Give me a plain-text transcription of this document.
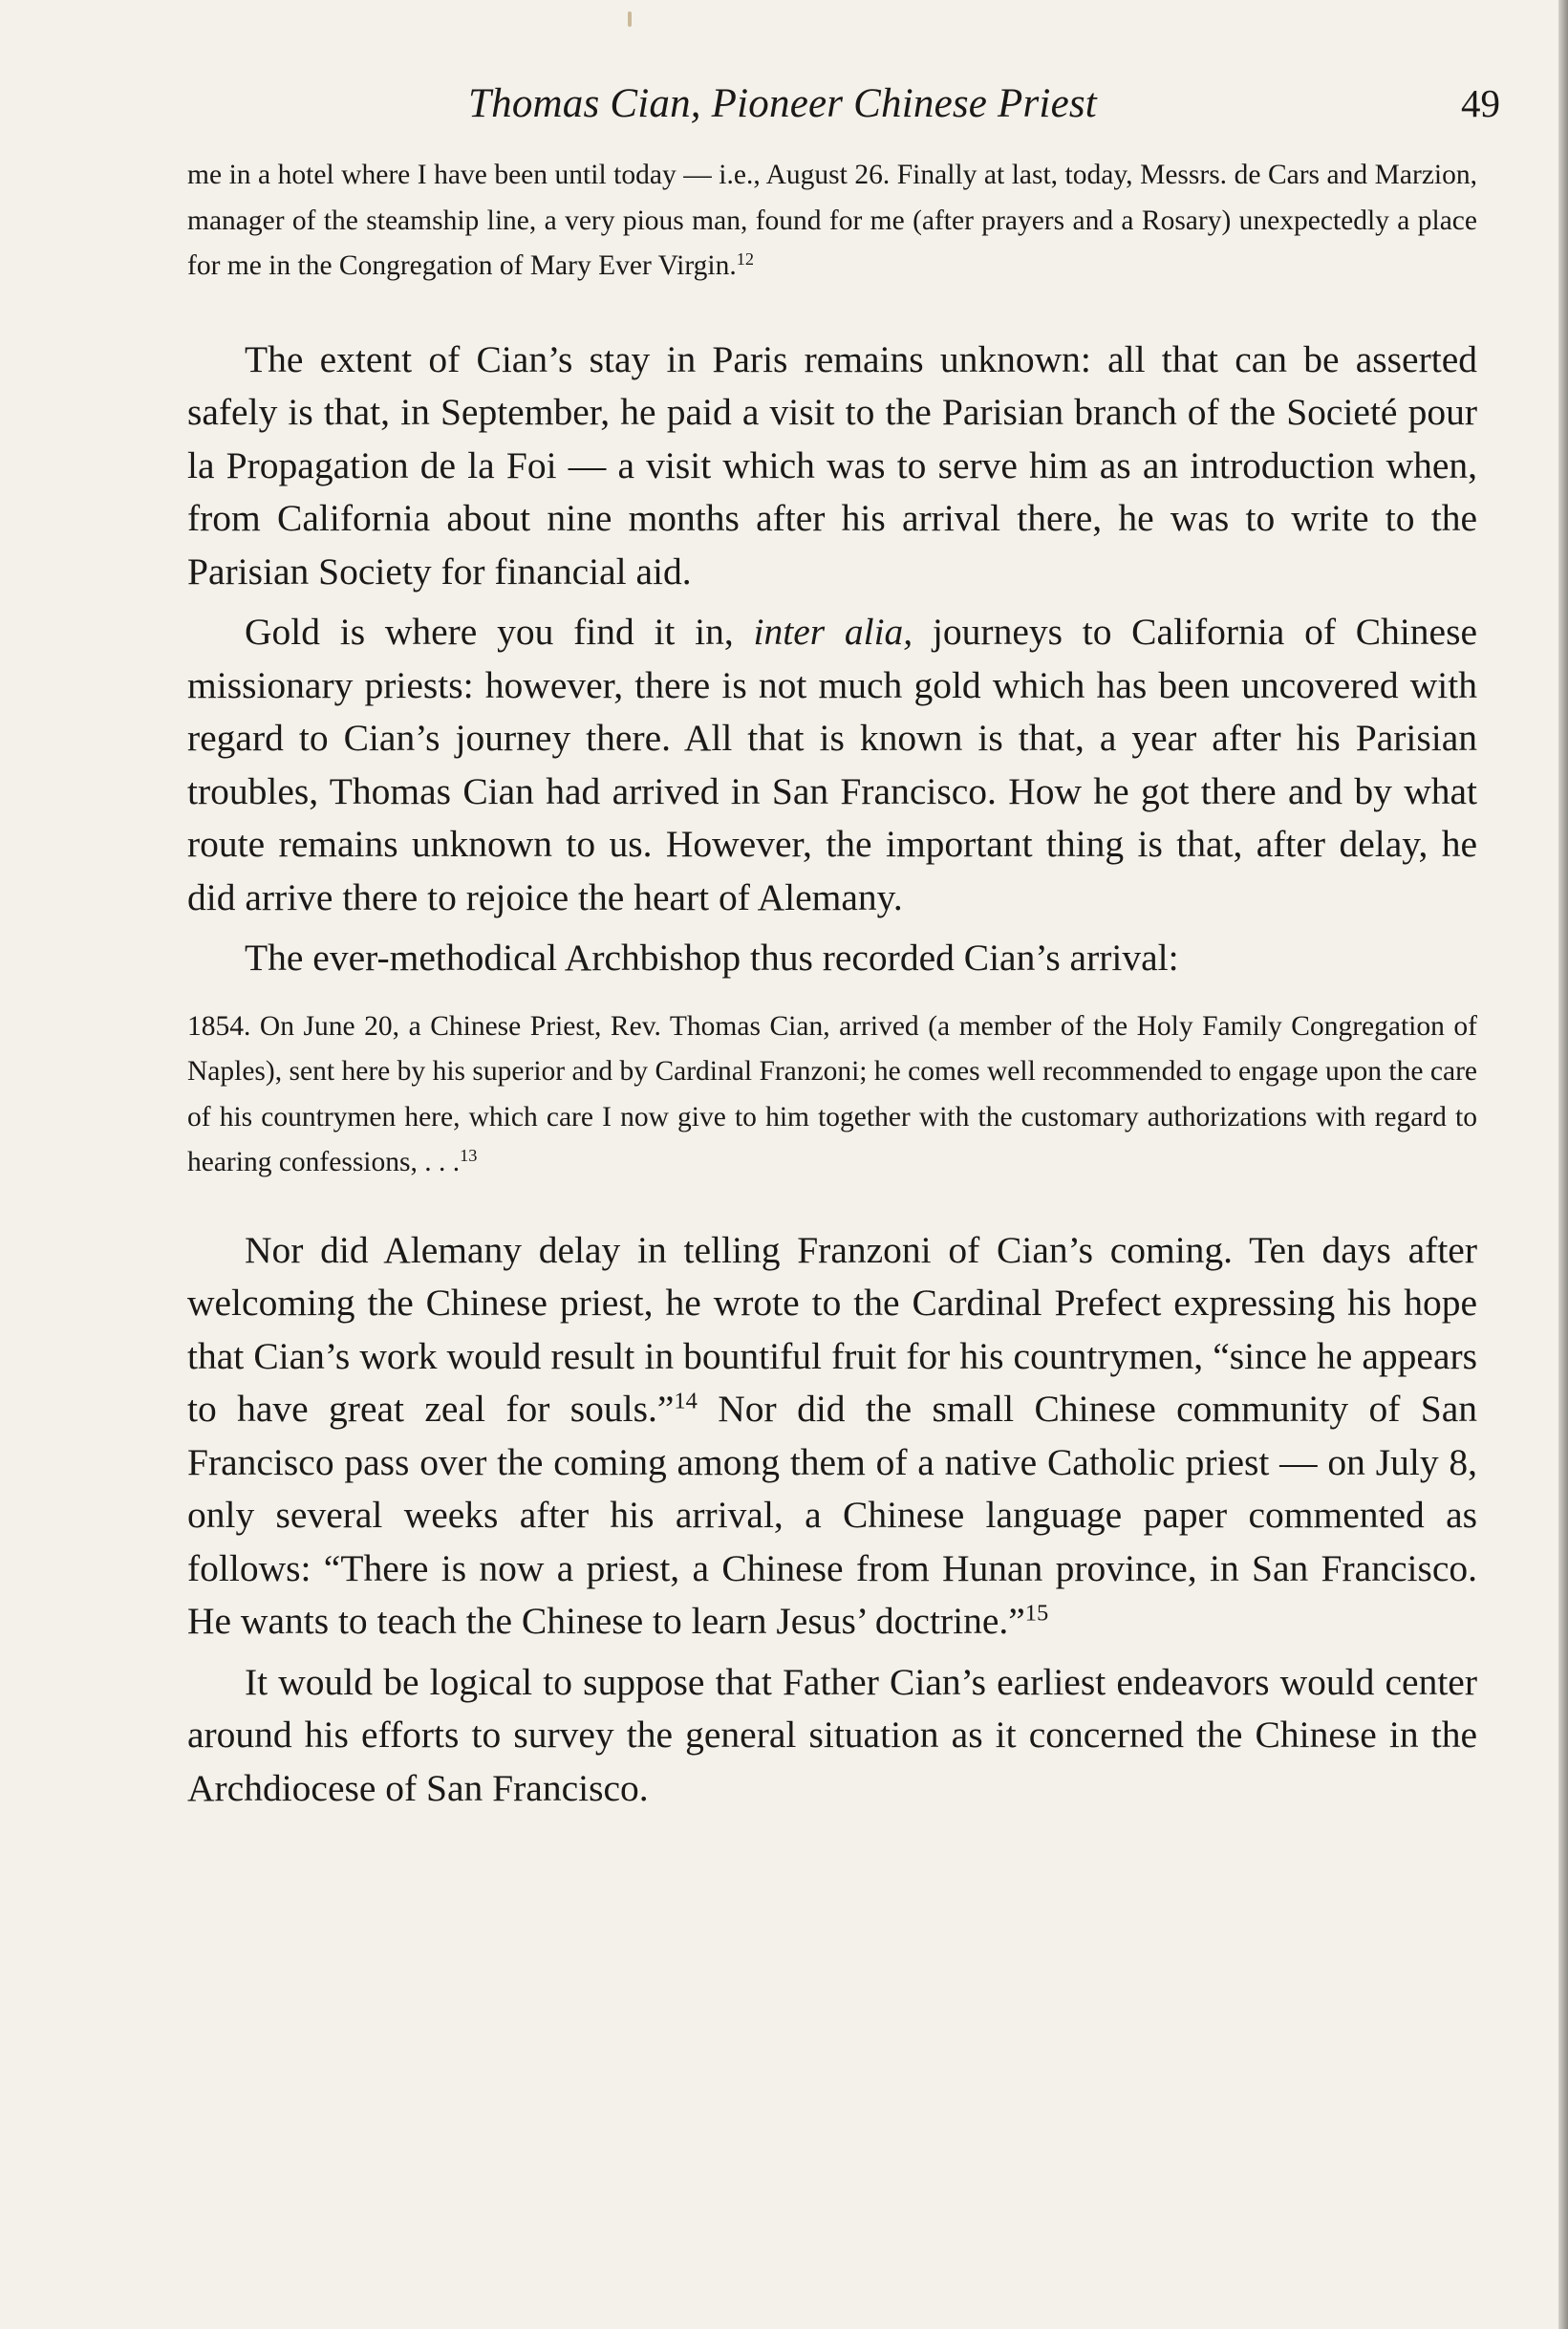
Thomas Cian, Pioneer Chinese Priest	49

me in a hotel where I have been until today — i.e., August 26. Finally at last, today, Messrs. de Cars and Marzion, manager of the steamship line, a very pious man, found for me (after prayers and a Rosary) unexpectedly a place for me in the Congregation of Mary Ever Virgin.$^{12}$

The extent of Cian’s stay in Paris remains unknown: all that can be asserted safely is that, in September, he paid a visit to the Parisian branch of the Societé pour la Propagation de la Foi — a visit which was to serve him as an introduction when, from California about nine months after his arrival there, he was to write to the Parisian Society for financial aid.

Gold is where you find it in, inter alia, journeys to California of Chinese missionary priests: however, there is not much gold which has been uncovered with regard to Cian’s journey there. All that is known is that, a year after his Parisian troubles, Thomas Cian had arrived in San Francisco. How he got there and by what route remains unknown to us. However, the important thing is that, after delay, he did arrive there to rejoice the heart of Alemany.

The ever-methodical Archbishop thus recorded Cian’s arrival:

1854. On June 20, a Chinese Priest, Rev. Thomas Cian, arrived (a member of the Holy Family Congregation of Naples), sent here by his superior and by Cardinal Franzoni; he comes well recommended to engage upon the care of his countrymen here, which care I now give to him together with the customary authorizations with regard to hearing confessions, . . .$^{13}$

Nor did Alemany delay in telling Franzoni of Cian’s coming. Ten days after welcoming the Chinese priest, he wrote to the Cardinal Prefect expressing his hope that Cian’s work would result in bountiful fruit for his countrymen, “since he appears to have great zeal for souls.”$^{14}$ Nor did the small Chinese community of San Francisco pass over the coming among them of a native Catholic priest — on July 8, only several weeks after his arrival, a Chinese language paper commented as follows: “There is now a priest, a Chinese from Hunan province, in San Francisco. He wants to teach the Chinese to learn Jesus’ doctrine.”$^{15}$

It would be logical to suppose that Father Cian’s earliest endeavors would center around his efforts to survey the general situation as it concerned the Chinese in the Archdiocese of San Francisco.
